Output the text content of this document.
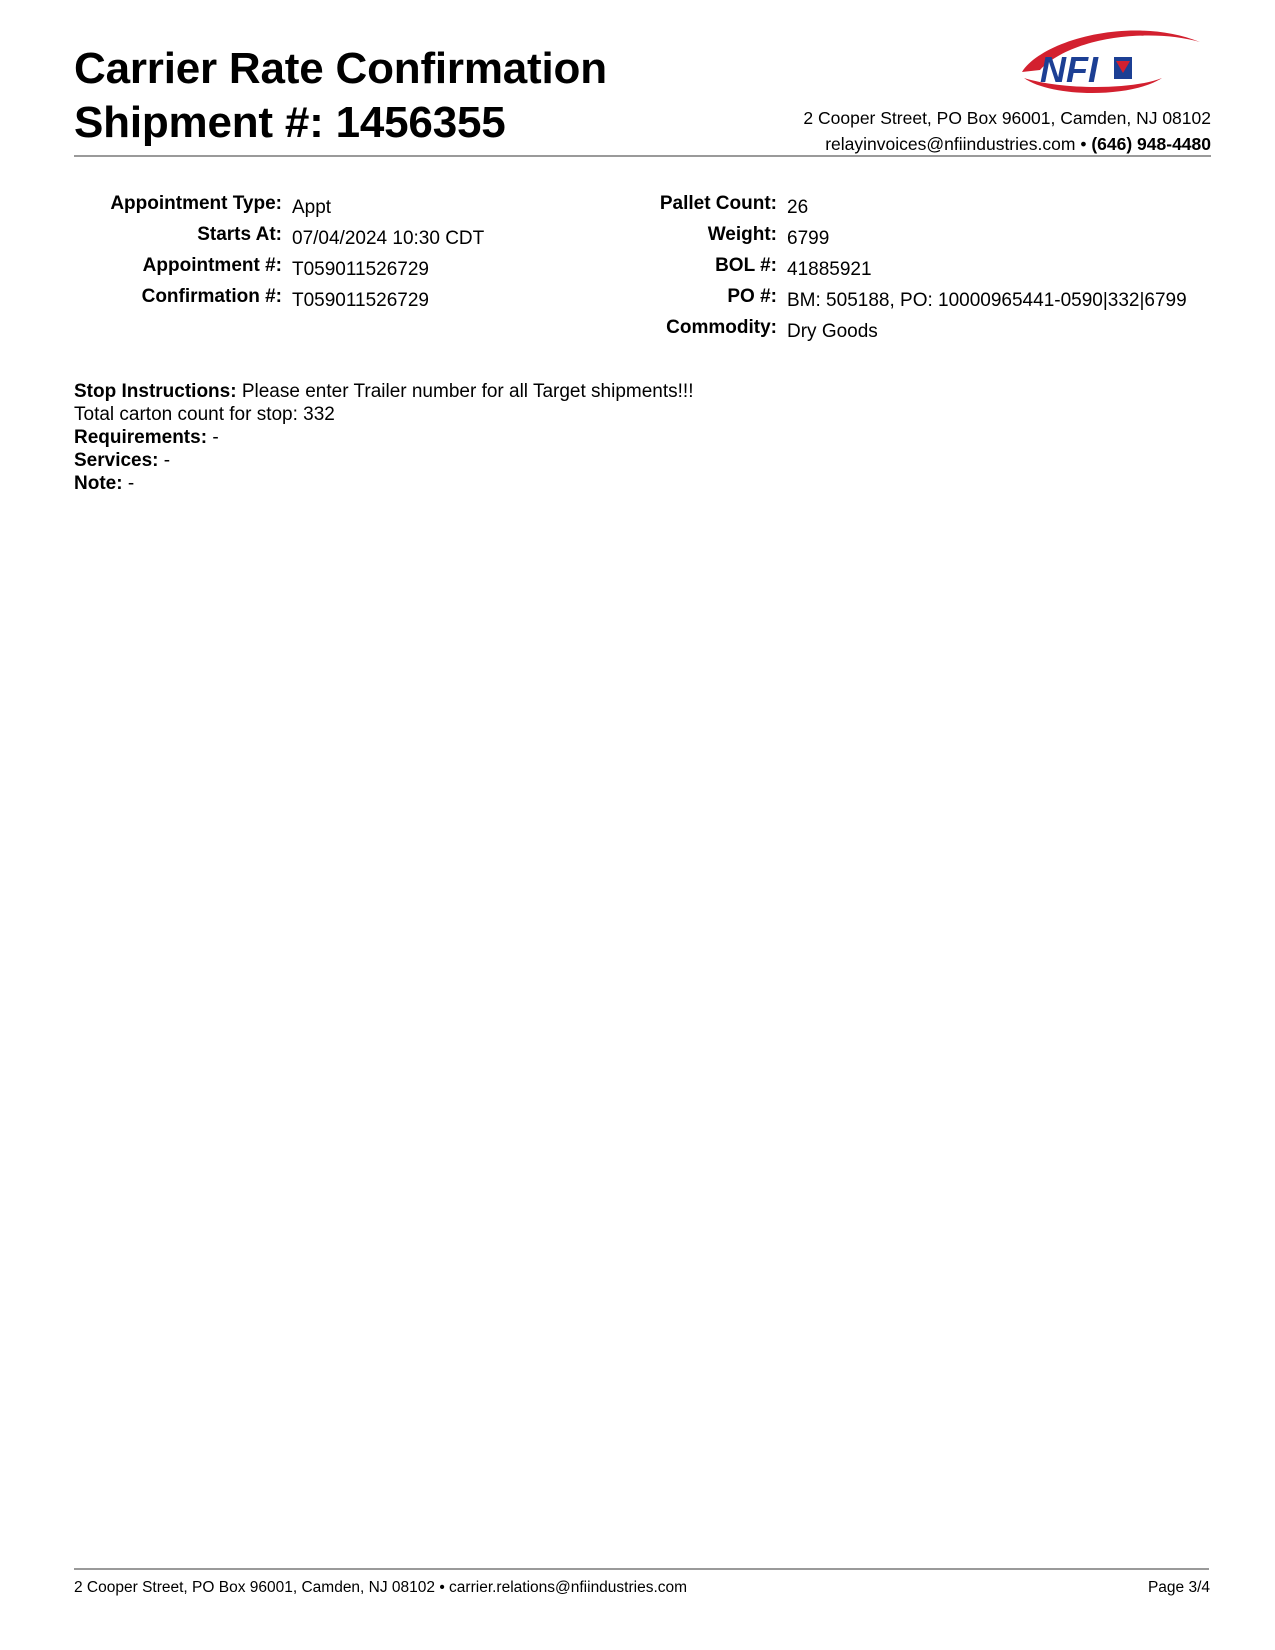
Carrier Rate Confirmation
Shipment #: 1456355
NFI
2 Cooper Street, PO Box 96001, Camden, NJ 08102
relayinvoices@nfiindustries.com • (646) 948-4480
Appointment Type: Appt
Starts At: 07/04/2024 10:30 CDT
Appointment #: T059011526729
Confirmation #: T059011526729
Pallet Count: 26
Weight: 6799
BOL #: 41885921
PO #: BM: 505188, PO: 10000965441-0590|332|6799
Commodity: Dry Goods
Stop Instructions: Please enter Trailer number for all Target shipments!!!
Total carton count for stop: 332
Requirements: -
Services: -
Note: -
2 Cooper Street, PO Box 96001, Camden, NJ 08102 • carrier.relations@nfiindustries.com	Page 3/4
